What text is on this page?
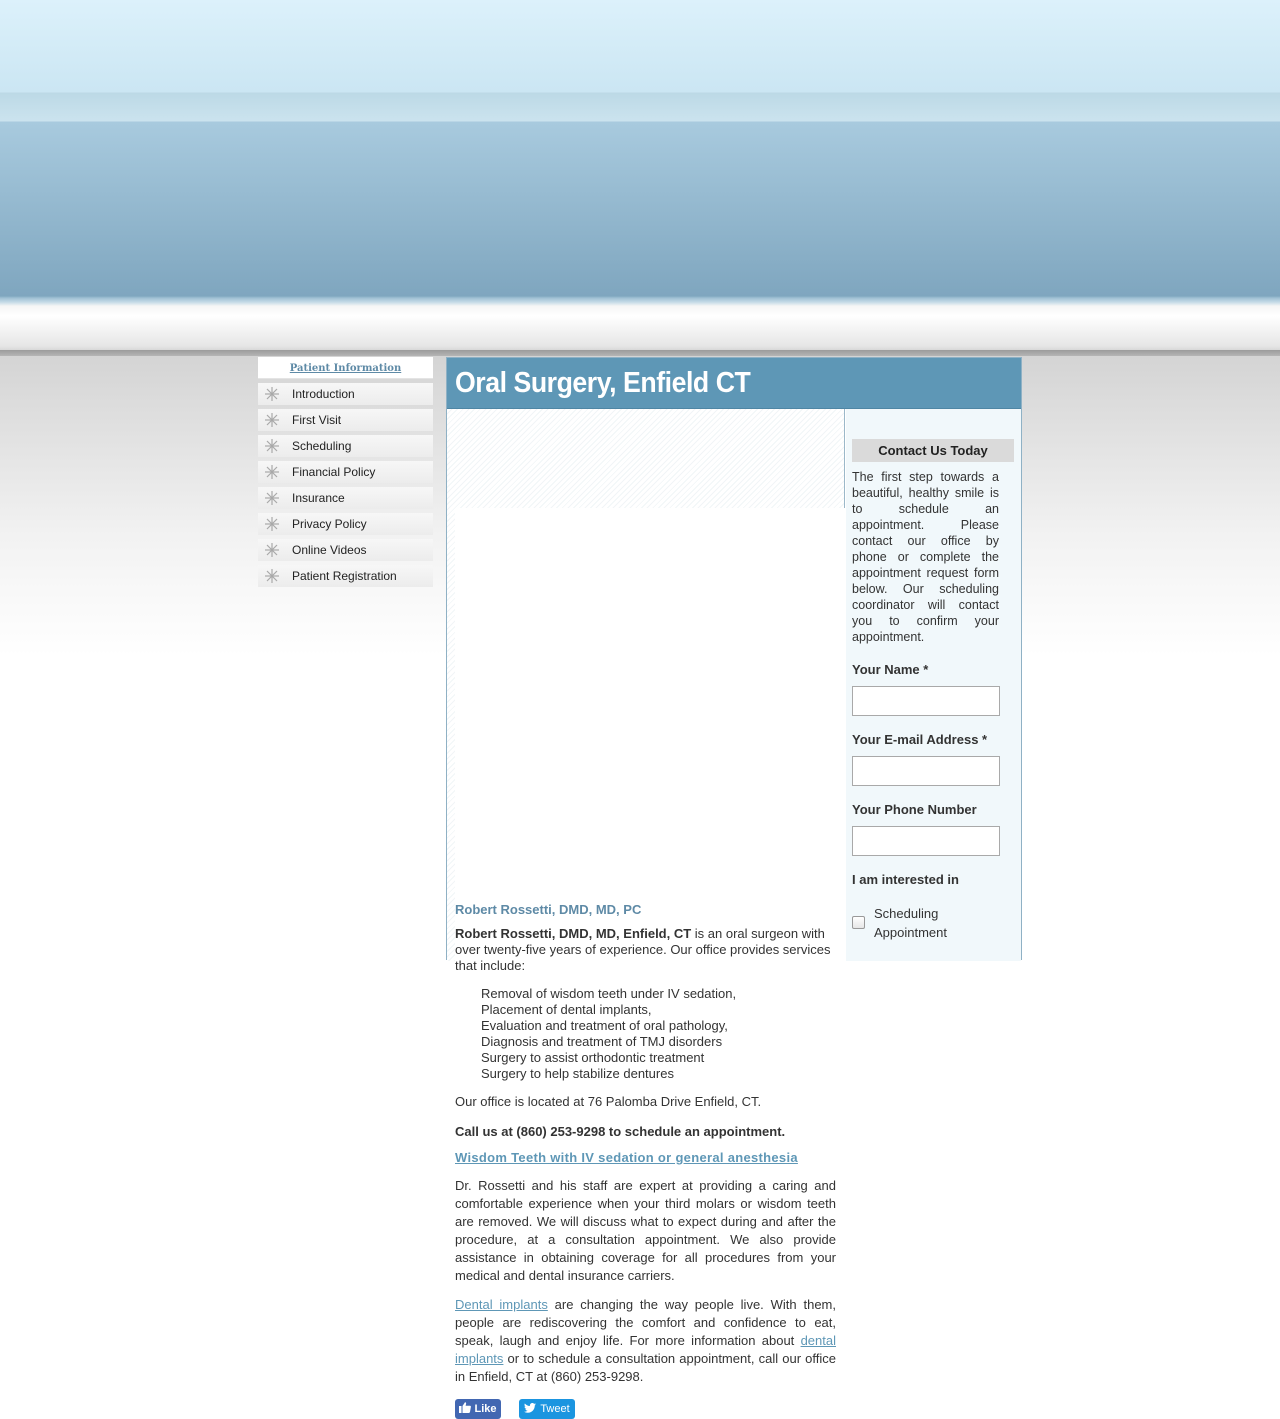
Patient Information
Introduction
First Visit
Scheduling
Financial Policy
Insurance
Privacy Policy
Online Videos
Patient Registration
Oral Surgery, Enfield CT
Robert Rossetti, DMD, MD, PC

Robert Rossetti, DMD, MD, Enfield, CT is an oral surgeon with over twenty-five years of experience. Our office provides services that include:

Removal of wisdom teeth under IV sedation,
Placement of dental implants,
Evaluation and treatment of oral pathology,
Diagnosis and treatment of TMJ disorders
Surgery to assist orthodontic treatment
Surgery to help stabilize dentures

Our office is located at 76 Palomba Drive Enfield, CT.

Call us at (860) 253-9298 to schedule an appointment.

Wisdom Teeth with IV sedation or general anesthesia

Dr. Rossetti and his staff are expert at providing a caring and comfortable experience when your third molars or wisdom teeth are removed. We will discuss what to expect during and after the procedure, at a consultation appointment. We also provide assistance in obtaining coverage for all procedures from your medical and dental insurance carriers.

Dental implants are changing the way people live. With them, people are rediscovering the comfort and confidence to eat, speak, laugh and enjoy life. For more information about dental implants or to schedule a consultation appointment, call our office in Enfield, CT at (860) 253-9298.

Like	Tweet
Contact Us Today

The first step towards a beautiful, healthy smile is to schedule an appointment. Please contact our office by phone or complete the appointment request form below. Our scheduling coordinator will contact you to confirm your appointment.

Your Name *
Your E-mail Address *
Your Phone Number
I am interested in
Scheduling Appointment
